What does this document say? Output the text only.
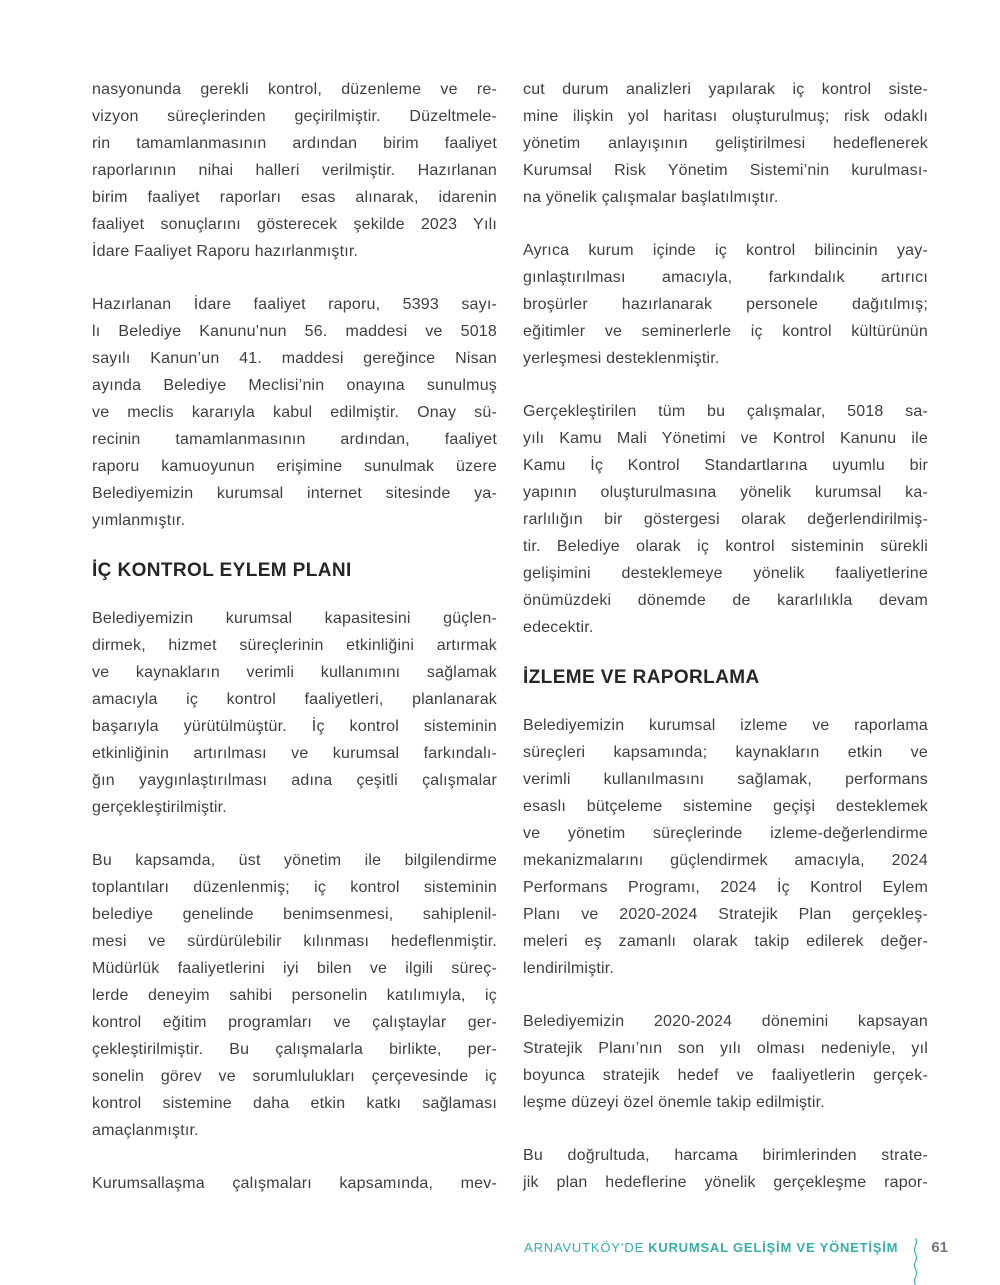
nasyonunda gerekli kontrol, düzenleme ve re-
vizyon süreçlerinden geçirilmiştir. Düzeltmele-
rin tamamlanmasının ardından birim faaliyet
raporlarının nihai halleri verilmiştir. Hazırlanan
birim faaliyet raporları esas alınarak, idarenin
faaliyet sonuçlarını gösterecek şekilde 2023 Yılı
İdare Faaliyet Raporu hazırlanmıştır.
Hazırlanan İdare faaliyet raporu, 5393 sayı-
lı Belediye Kanunu’nun 56. maddesi ve 5018
sayılı Kanun’un 41. maddesi gereğince Nisan
ayında Belediye Meclisi’nin onayına sunulmuş
ve meclis kararıyla kabul edilmiştir. Onay sü-
recinin tamamlanmasının ardından, faaliyet
raporu kamuoyunun erişimine sunulmak üzere
Belediyemizin kurumsal internet sitesinde ya-
yımlanmıştır.
İÇ KONTROL EYLEM PLANI
Belediyemizin kurumsal kapasitesini güçlen-
dirmek, hizmet süreçlerinin etkinliğini artırmak
ve kaynakların verimli kullanımını sağlamak
amacıyla iç kontrol faaliyetleri, planlanarak
başarıyla yürütülmüştür. İç kontrol sisteminin
etkinliğinin artırılması ve kurumsal farkındalı-
ğın yaygınlaştırılması adına çeşitli çalışmalar
gerçekleştirilmiştir.
Bu kapsamda, üst yönetim ile bilgilendirme
toplantıları düzenlenmiş; iç kontrol sisteminin
belediye genelinde benimsenmesi, sahiplenil-
mesi ve sürdürülebilir kılınması hedeflenmiştir.
Müdürlük faaliyetlerini iyi bilen ve ilgili süreç-
lerde deneyim sahibi personelin katılımıyla, iç
kontrol eğitim programları ve çalıştaylar ger-
çekleştirilmiştir. Bu çalışmalarla birlikte, per-
sonelin görev ve sorumlulukları çerçevesinde iç
kontrol sistemine daha etkin katkı sağlaması
amaçlanmıştır.
Kurumsallaşma çalışmaları kapsamında, mev-
cut durum analizleri yapılarak iç kontrol siste-
mine ilişkin yol haritası oluşturulmuş; risk odaklı
yönetim anlayışının geliştirilmesi hedeflenerek
Kurumsal Risk Yönetim Sistemi’nin kurulması-
na yönelik çalışmalar başlatılmıştır.
Ayrıca kurum içinde iç kontrol bilincinin yay-
gınlaştırılması amacıyla, farkındalık artırıcı
broşürler hazırlanarak personele dağıtılmış;
eğitimler ve seminerlerle iç kontrol kültürünün
yerleşmesi desteklenmiştir.
Gerçekleştirilen tüm bu çalışmalar, 5018 sa-
yılı Kamu Mali Yönetimi ve Kontrol Kanunu ile
Kamu İç Kontrol Standartlarına uyumlu bir
yapının oluşturulmasına yönelik kurumsal ka-
rarlılığın bir göstergesi olarak değerlendirilmiş-
tir. Belediye olarak iç kontrol sisteminin sürekli
gelişimini desteklemeye yönelik faaliyetlerine
önümüzdeki dönemde de kararlılıkla devam
edecektir.
İZLEME VE RAPORLAMA
Belediyemizin kurumsal izleme ve raporlama
süreçleri kapsamında; kaynakların etkin ve
verimli kullanılmasını sağlamak, performans
esaslı bütçeleme sistemine geçişi desteklemek
ve yönetim süreçlerinde izleme-değerlendirme
mekanizmalarını güçlendirmek amacıyla, 2024
Performans Programı, 2024 İç Kontrol Eylem
Planı ve 2020-2024 Stratejik Plan gerçekleş-
meleri eş zamanlı olarak takip edilerek değer-
lendirilmiştir.
Belediyemizin 2020-2024 dönemini kapsayan
Stratejik Planı’nın son yılı olması nedeniyle, yıl
boyunca stratejik hedef ve faaliyetlerin gerçek-
leşme düzeyi özel önemle takip edilmiştir.
Bu doğrultuda, harcama birimlerinden strate-
jik plan hedeflerine yönelik gerçekleşme rapor-
ARNAVUTKÖY’DE KURUMSAL GELİŞİM VE YÖNETİŞİM 61
